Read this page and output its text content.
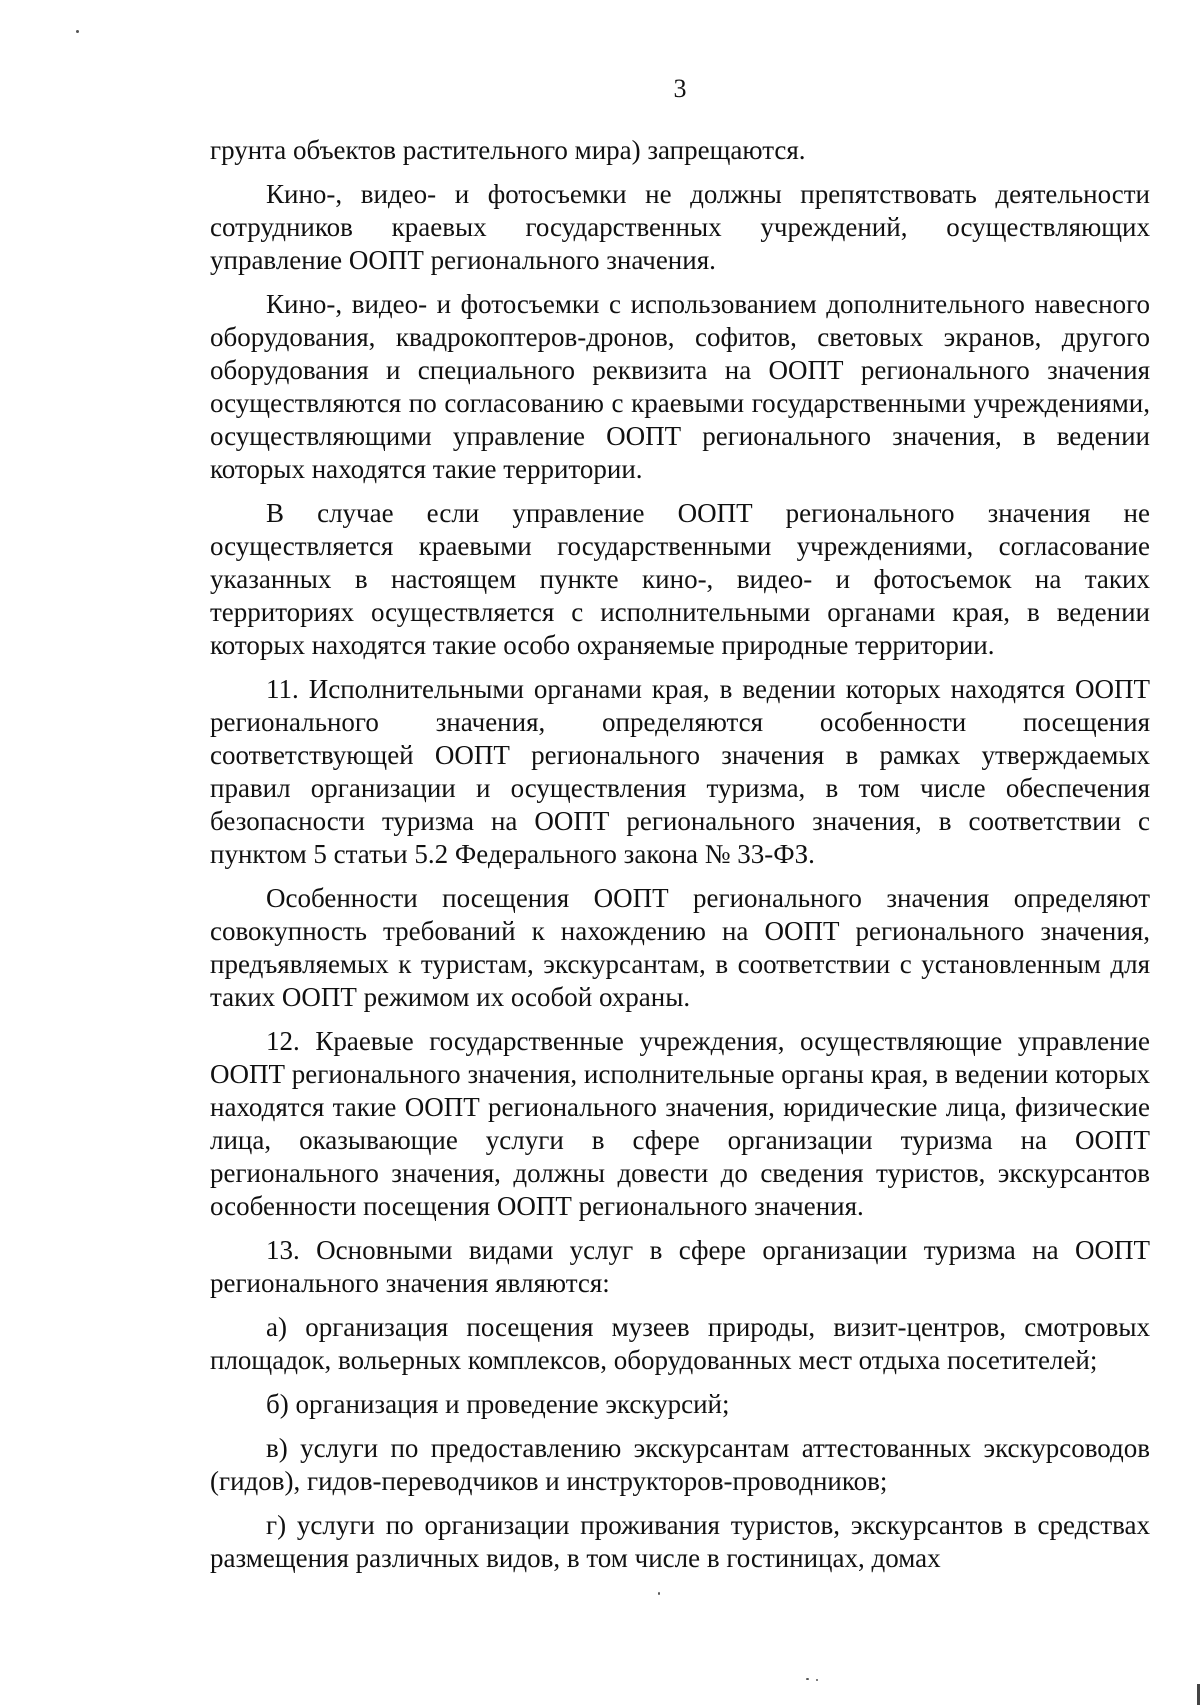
3

грунта объектов растительного мира) запрещаются.

Кино-, видео- и фотосъемки не должны препятствовать деятельности сотрудников краевых государственных учреждений, осуществляющих управление ООПТ регионального значения.

Кино-, видео- и фотосъемки с использованием дополнительного навесного оборудования, квадрокоптеров-дронов, софитов, световых экранов, другого оборудования и специального реквизита на ООПТ регионального значения осуществляются по согласованию с краевыми государственными учреждениями, осуществляющими управление ООПТ регионального значения, в ведении которых находятся такие территории.

В случае если управление ООПТ регионального значения не осуществляется краевыми государственными учреждениями, согласование указанных в настоящем пункте кино-, видео- и фотосъемок на таких территориях осуществляется с исполнительными органами края, в ведении которых находятся такие особо охраняемые природные территории.

11. Исполнительными органами края, в ведении которых находятся ООПТ регионального значения, определяются особенности посещения соответствующей ООПТ регионального значения в рамках утверждаемых правил организации и осуществления туризма, в том числе обеспечения безопасности туризма на ООПТ регионального значения, в соответствии с пунктом 5 статьи 5.2 Федерального закона № 33-ФЗ.

Особенности посещения ООПТ регионального значения определяют совокупность требований к нахождению на ООПТ регионального значения, предъявляемых к туристам, экскурсантам, в соответствии с установленным для таких ООПТ режимом их особой охраны.

12. Краевые государственные учреждения, осуществляющие управление ООПТ регионального значения, исполнительные органы края, в ведении которых находятся такие ООПТ регионального значения, юридические лица, физические лица, оказывающие услуги в сфере организации туризма на ООПТ регионального значения, должны довести до сведения туристов, экскурсантов особенности посещения ООПТ регионального значения.

13. Основными видами услуг в сфере организации туризма на ООПТ регионального значения являются:

а) организация посещения музеев природы, визит-центров, смотровых площадок, вольерных комплексов, оборудованных мест отдыха посетителей;

б) организация и проведение экскурсий;

в) услуги по предоставлению экскурсантам аттестованных экскурсоводов (гидов), гидов-переводчиков и инструкторов-проводников;

г) услуги по организации проживания туристов, экскурсантов в средствах размещения различных видов, в том числе в гостиницах, домах
